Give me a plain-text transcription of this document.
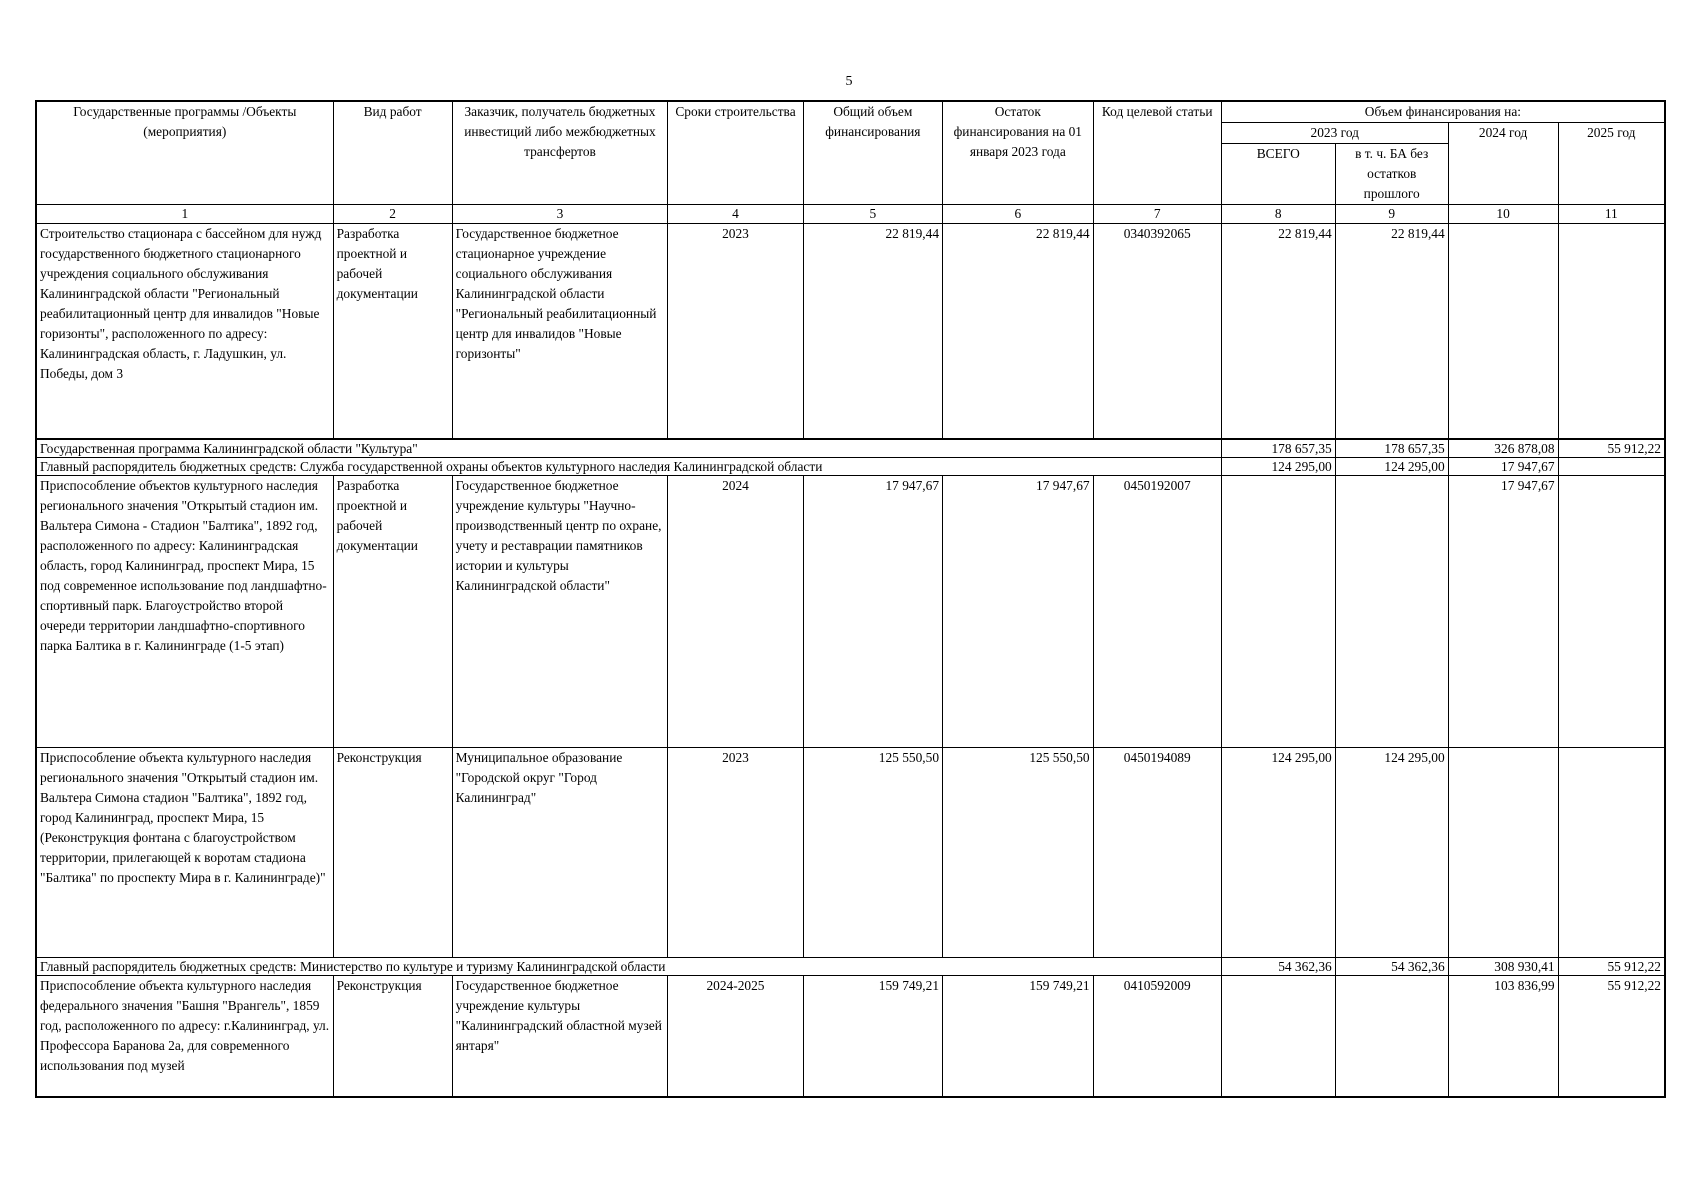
5
Государственные программы /Объекты (мероприятия)	Вид работ	Заказчик, получатель бюджетных инвестиций либо межбюджетных трансфертов	Сроки строительства	Общий объем финансирования	Остаток финансирования на 01 января 2023 года	Код целевой статьи	Объем финансирования на:			
							2023 год		2024 год	2025 год
							ВСЕГО	в т. ч. БА без остатков прошлого		
1	2	3	4	5	6	7	8	9	10	11
Строительство стационара с бассейном для нужд государственного бюджетного стационарного учреждения социального обслуживания Калининградской области "Региональный реабилитационный центр для инвалидов "Новые горизонты", расположенного по адресу: Калининградская область, г. Ладушкин, ул. Победы, дом 3	Разработка проектной и рабочей документации	Государственное бюджетное стационарное учреждение социального обслуживания Калининградской области "Региональный реабилитационный центр для инвалидов "Новые горизонты"	2023	22 819,44	22 819,44	0340392065	22 819,44	22 819,44		
Государственная программа Калининградской области "Культура"							178 657,35	178 657,35	326 878,08	55 912,22
Главный распорядитель бюджетных средств: Служба государственной охраны объектов культурного наследия Калининградской области							124 295,00	124 295,00	17 947,67	
Приспособление объектов культурного наследия регионального значения "Открытый стадион им. Вальтера Симона - Стадион "Балтика", 1892 год, расположенного по адресу: Калининградская область, город Калининград, проспект Мира, 15 под современное использование под ландшафтно-спортивный парк. Благоустройство второй очереди территории ландшафтно-спортивного парка Балтика в г. Калининграде (1-5 этап)	Разработка проектной и рабочей документации	Государственное бюджетное учреждение культуры "Научно-производственный центр по охране, учету и реставрации памятников истории и культуры Калининградской области"	2024	17 947,67	17 947,67	0450192007			17 947,67	
Приспособление объекта культурного наследия регионального значения "Открытый стадион им. Вальтера Симона стадион "Балтика", 1892 год, город Калининград, проспект Мира, 15 (Реконструкция фонтана с благоустройством территории, прилегающей к воротам стадиона "Балтика" по проспекту Мира в г. Калининграде)"	Реконструкция	Муниципальное образование "Городской округ "Город Калининград"	2023	125 550,50	125 550,50	0450194089	124 295,00	124 295,00		
Главный распорядитель бюджетных средств: Министерство по культуре и туризму Калининградской области							54 362,36	54 362,36	308 930,41	55 912,22
Приспособление объекта культурного наследия федерального значения "Башня "Врангель", 1859 год, расположенного по адресу: г.Калининград, ул. Профессора Баранова 2а, для современного использования под музей	Реконструкция	Государственное бюджетное учреждение культуры "Калининградский областной музей янтаря"	2024-2025	159 749,21	159 749,21	0410592009			103 836,99	55 912,22
